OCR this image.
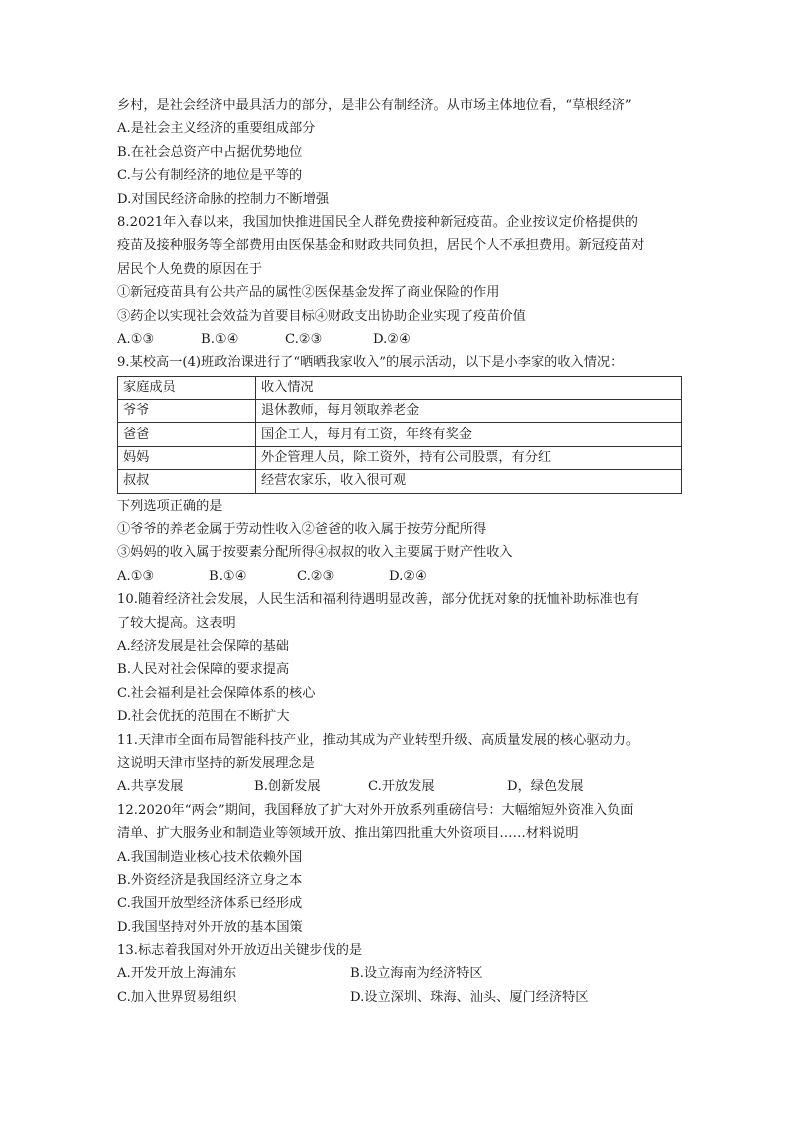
乡村，是社会经济中最具活力的部分，是非公有制经济。从市场主体地位看，“草根经济”
A.是社会主义经济的重要组成部分
B.在社会总资产中占据优势地位
C.与公有制经济的地位是平等的
D.对国民经济命脉的控制力不断增强
8.2021年入春以来，我国加快推进国民全人群免费接种新冠疫苗。企业按议定价格提供的
疫苗及接种服务等全部费用由医保基金和财政共同负担，居民个人不承担费用。新冠疫苗对
居民个人免费的原因在于
①新冠疫苗具有公共产品的属性②医保基金发挥了商业保险的作用
③药企以实现社会效益为首要目标④财政支出协助企业实现了疫苗价值
A.①③	B.①④	C.②③	D.②④
9.某校高一(4)班政治课进行了“晒晒我家收入”的展示活动，以下是小李家的收入情况：
家庭成员	收入情况
爷爷	退休教师，每月领取养老金
爸爸	国企工人，每月有工资，年终有奖金
妈妈	外企管理人员，除工资外，持有公司股票，有分红
叔叔	经营农家乐，收入很可观
下列选项正确的是
①爷爷的养老金属于劳动性收入②爸爸的收入属于按劳分配所得
③妈妈的收入属于按要素分配所得④叔叔的收入主要属于财产性收入
A.①③	B.①④	C.②③	D.②④
10.随着经济社会发展，人民生活和福利待遇明显改善，部分优抚对象的抚恤补助标准也有
了较大提高。这表明
A.经济发展是社会保障的基础
B.人民对社会保障的要求提高
C.社会福利是社会保障体系的核心
D.社会优抚的范围在不断扩大
11.天津市全面布局智能科技产业，推动其成为产业转型升级、高质量发展的核心驱动力。
这说明天津市坚持的新发展理念是
A.共享发展	B.创新发展	C.开放发展	D，绿色发展
12.2020年“两会”期间，我国释放了扩大对外开放系列重磅信号：大幅缩短外资准入负面
清单、扩大服务业和制造业等领域开放、推出第四批重大外资项目……材料说明
A.我国制造业核心技术依赖外国
B.外资经济是我国经济立身之本
C.我国开放型经济体系已经形成
D.我国坚持对外开放的基本国策
13.标志着我国对外开放迈出关键步伐的是
A.开发开放上海浦东	B.设立海南为经济特区
C.加入世界贸易组织	D.设立深圳、珠海、汕头、厦门经济特区
